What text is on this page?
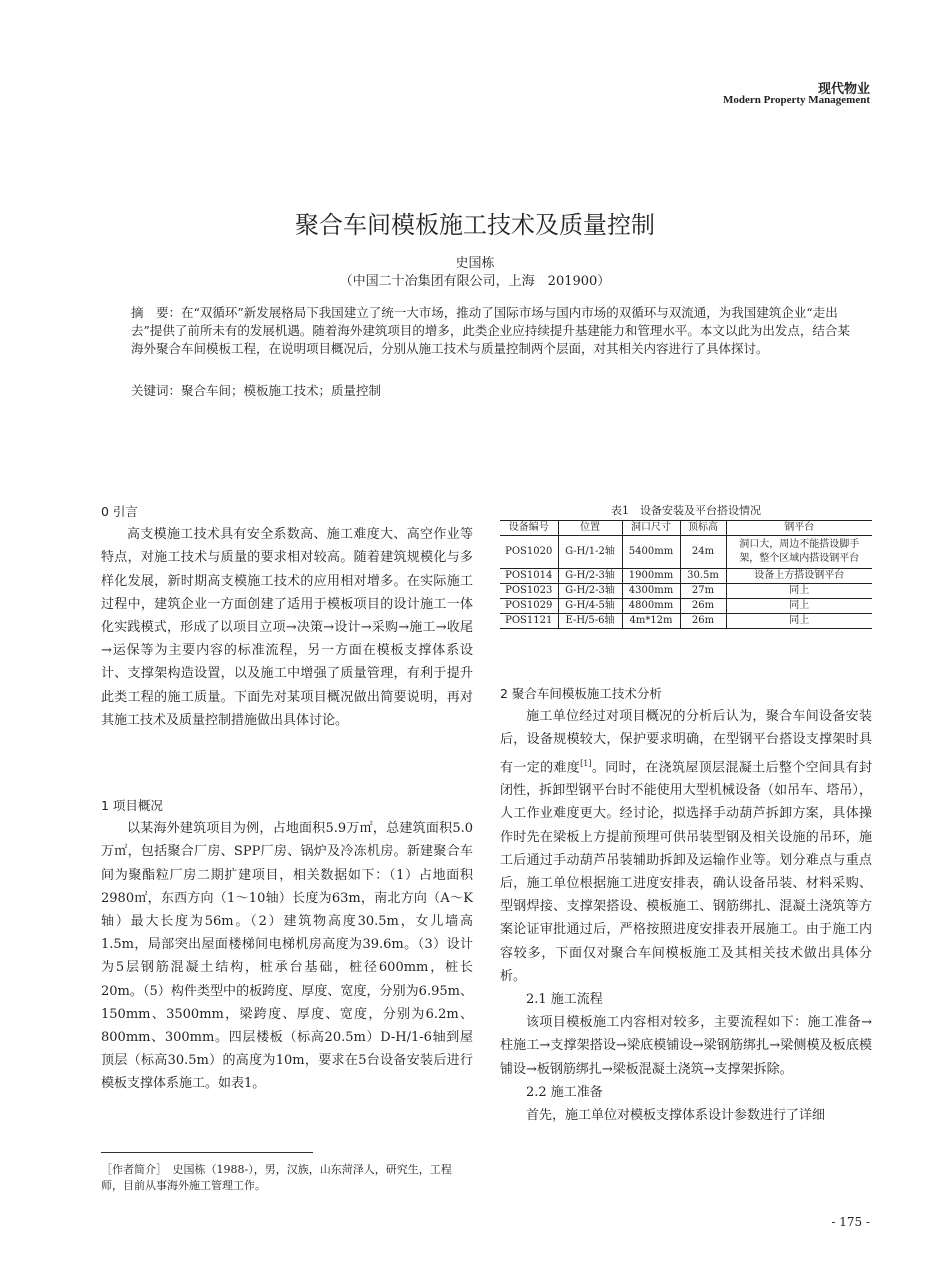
现代物业
Modern Property Management
聚合车间模板施工技术及质量控制
史国栋
（中国二十冶集团有限公司，上海　201900）
摘　要：在“双循环”新发展格局下我国建立了统一大市场，推动了国际市场与国内市场的双循环与双流通，为我国建筑企业“走出去”提供了前所未有的发展机遇。随着海外建筑项目的增多，此类企业应持续提升基建能力和管理水平。本文以此为出发点，结合某海外聚合车间模板工程，在说明项目概况后，分别从施工技术与质量控制两个层面，对其相关内容进行了具体探讨。
关键词：聚合车间；模板施工技术；质量控制
0 引言

高支模施工技术具有安全系数高、施工难度大、高空作业等特点，对施工技术与质量的要求相对较高。随着建筑规模化与多样化发展，新时期高支模施工技术的应用相对增多。在实际施工过程中，建筑企业一方面创建了适用于模板项目的设计施工一体化实践模式，形成了以项目立项→决策→设计→采购→施工→收尾→运保等为主要内容的标准流程，另一方面在模板支撑体系设计、支撑架构造设置，以及施工中增强了质量管理，有利于提升此类工程的施工质量。下面先对某项目概况做出简要说明，再对其施工技术及质量控制措施做出具体讨论。

1 项目概况

以某海外建筑项目为例，占地面积5.9万㎡，总建筑面积5.0万㎡，包括聚合厂房、SPP厂房、锅炉及冷冻机房。新建聚合车间为聚酯粒厂房二期扩建项目，相关数据如下：（1）占地面积2980㎡，东西方向（1～10轴）长度为63m，南北方向（A～K轴）最大长度为56m。（2）建筑物高度30.5m，女儿墙高1.5m，局部突出屋面楼梯间电梯机房高度为39.6m。（3）设计为5层钢筋混凝土结构，桩承台基础，桩径600mm，桩长20m。（5）构件类型中的板跨度、厚度、宽度，分别为6.95m、150mm、3500mm，梁跨度、厚度、宽度，分别为6.2m、800mm、300mm。四层楼板（标高20.5m）D-H/1-6轴到屋顶层（标高30.5m）的高度为10m，要求在5台设备安装后进行模板支撑体系施工。如表1。

［作者简介］　史国栋（1988-），男，汉族，山东菏泽人，研究生，工程师，目前从事海外施工管理工作。
表1　设备安装及平台搭设情况
设备编号	位置	洞口尺寸	顶标高	钢平台
POS1020	G-H/1-2轴	5400mm	24m	洞口大，周边不能搭设脚手架，整个区域内搭设钢平台
POS1014	G-H/2-3轴	1900mm	30.5m	设备上方搭设钢平台
POS1023	G-H/2-3轴	4300mm	27m	同上
POS1029	G-H/4-5轴	4800mm	26m	同上
POS1121	E-H/5-6轴	4m*12m	26m	同上
2 聚合车间模板施工技术分析

施工单位经过对项目概况的分析后认为，聚合车间设备安装后，设备规模较大，保护要求明确，在型钢平台搭设支撑架时具有一定的难度[1]。同时，在浇筑屋顶层混凝土后整个空间具有封闭性，拆卸型钢平台时不能使用大型机械设备（如吊车、塔吊），人工作业难度更大。经讨论，拟选择手动葫芦拆卸方案，具体操作时先在梁板上方提前预埋可供吊装型钢及相关设施的吊环，施工后通过手动葫芦吊装辅助拆卸及运输作业等。划分难点与重点后，施工单位根据施工进度安排表，确认设备吊装、材料采购、型钢焊接、支撑架搭设、模板施工、钢筋绑扎、混凝土浇筑等方案论证审批通过后，严格按照进度安排表开展施工。由于施工内容较多，下面仅对聚合车间模板施工及其相关技术做出具体分析。

2.1 施工流程

该项目模板施工内容相对较多，主要流程如下：施工准备→柱施工→支撑架搭设→梁底模铺设→梁钢筋绑扎→梁侧模及板底模铺设→板钢筋绑扎→梁板混凝土浇筑→支撑架拆除。

2.2 施工准备

首先，施工单位对模板支撑体系设计参数进行了详细

- 175 -
